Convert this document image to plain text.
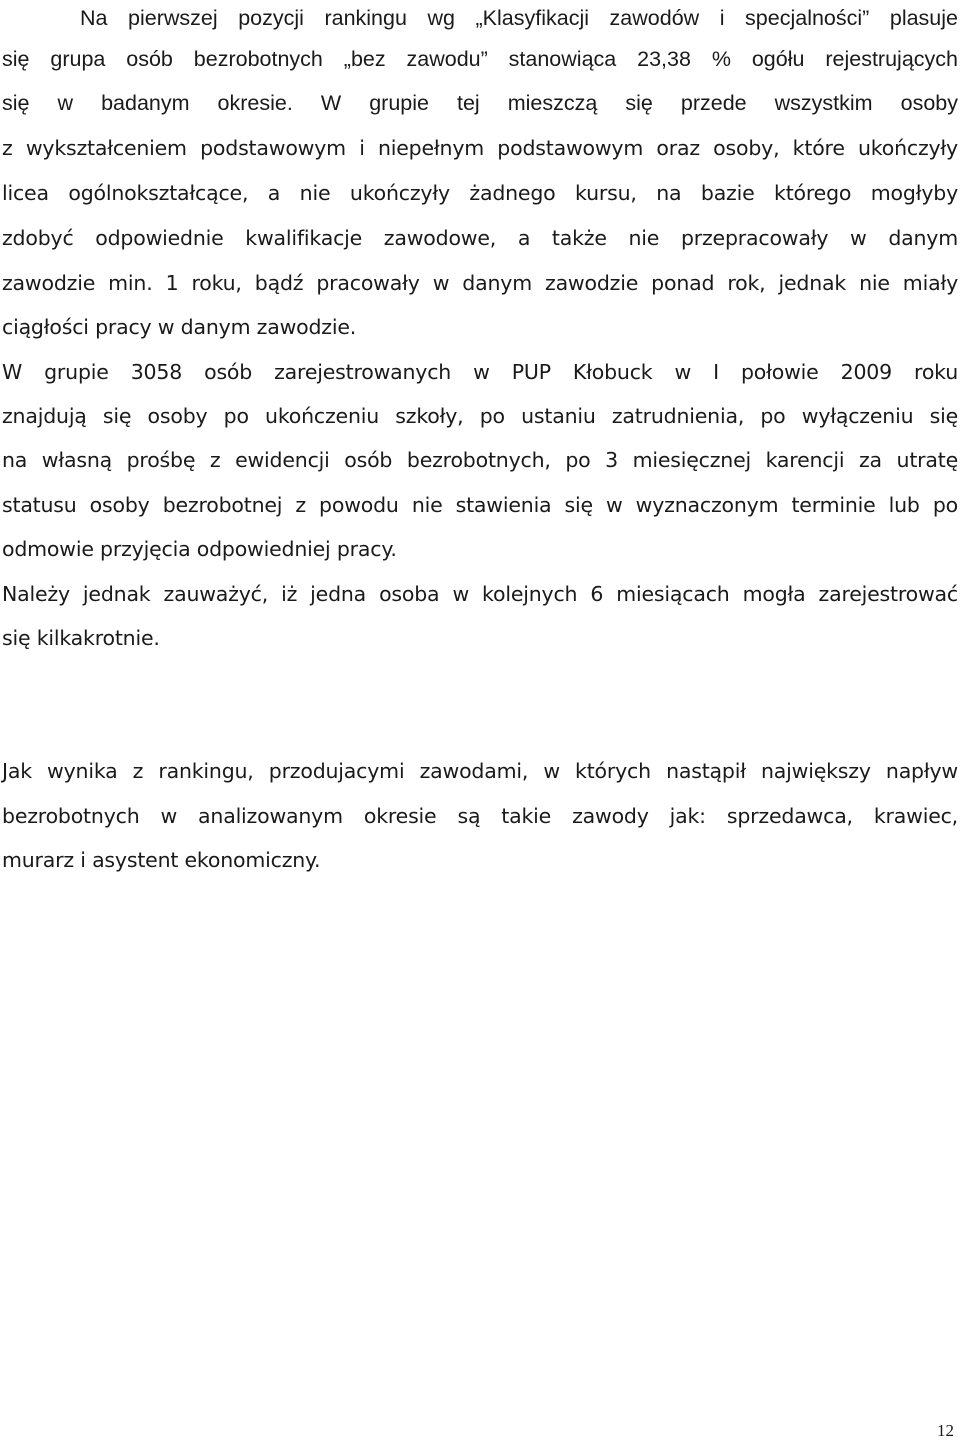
Na pierwszej pozycji rankingu wg „Klasyfikacji zawodów i specjalności” plasuje
się grupa osób bezrobotnych „bez zawodu” stanowiąca 23,38 % ogółu rejestrujących
się w badanym okresie. W grupie tej mieszczą się przede wszystkim osoby
z wykształceniem podstawowym i niepełnym podstawowym oraz osoby, które ukończyły
licea ogólnokształcące, a nie ukończyły żadnego kursu, na bazie którego mogłyby
zdobyć odpowiednie kwalifikacje zawodowe, a także nie przepracowały w danym
zawodzie min. 1 roku, bądź pracowały w danym zawodzie ponad rok, jednak nie miały
ciągłości pracy w danym zawodzie.
W grupie 3058 osób zarejestrowanych w PUP Kłobuck w I połowie 2009 roku
znajdują się osoby po ukończeniu szkoły, po ustaniu zatrudnienia, po wyłączeniu się
na własną prośbę z ewidencji osób bezrobotnych, po 3 miesięcznej karencji za utratę
statusu osoby bezrobotnej z powodu nie stawienia się w wyznaczonym terminie lub po
odmowie przyjęcia odpowiedniej pracy.
Należy jednak zauważyć, iż jedna osoba w kolejnych 6 miesiącach mogła zarejestrować
się kilkakrotnie.
Jak wynika z rankingu, przodujacymi zawodami, w których nastąpił największy napływ
bezrobotnych w analizowanym okresie są takie zawody jak: sprzedawca, krawiec,
murarz i asystent ekonomiczny.
12
